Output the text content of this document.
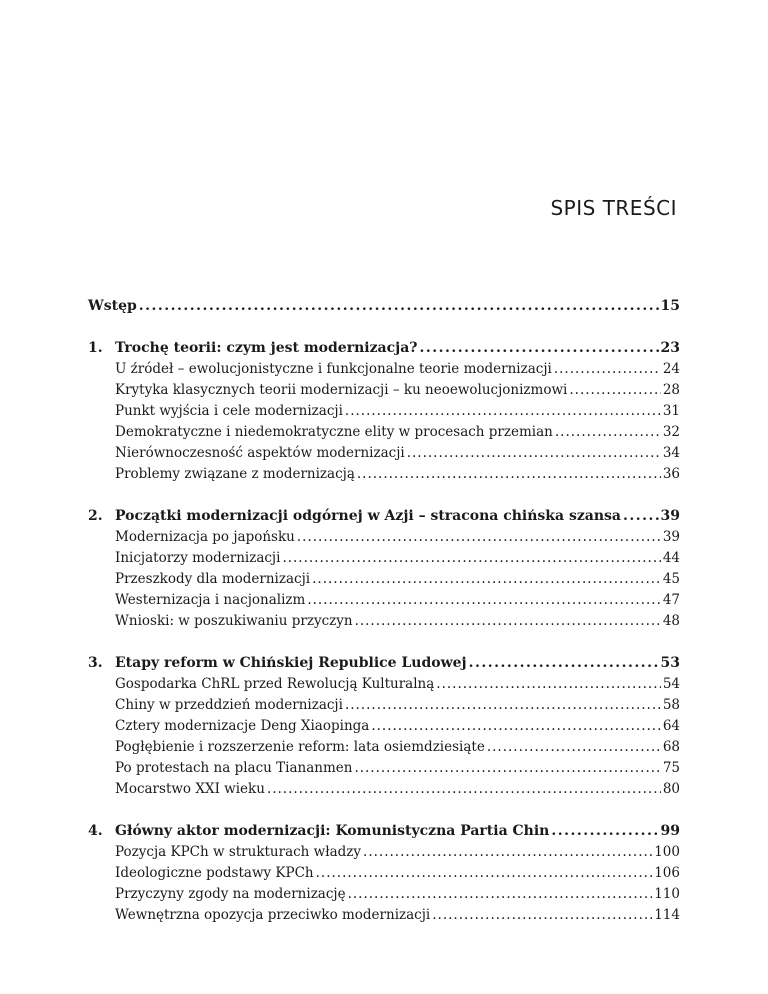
SPIS TREŚCI
Wstęp .....	15
1. Trochę teorii: czym jest modernizacja? .....	23
U źródeł – ewolucjonistyczne i funkcjonalne teorie modernizacji .....	24
Krytyka klasycznych teorii modernizacji – ku neoewolucjonizmowi .....	28
Punkt wyjścia i cele modernizacji .....	31
Demokratyczne i niedemokratyczne elity w procesach przemian .....	32
Nierównoczesność aspektów modernizacji .....	34
Problemy związane z modernizacją .....	36
2. Początki modernizacji odgórnej w Azji – stracona chińska szansa .....	39
Modernizacja po japońsku .....	39
Inicjatorzy modernizacji .....	44
Przeszkody dla modernizacji .....	45
Westernizacja i nacjonalizm .....	47
Wnioski: w poszukiwaniu przyczyn .....	48
3. Etapy reform w Chińskiej Republice Ludowej .....	53
Gospodarka ChRL przed Rewolucją Kulturalną .....	54
Chiny w przeddzień modernizacji .....	58
Cztery modernizacje Deng Xiaopinga .....	64
Pogłębienie i rozszerzenie reform: lata osiemdziesiąte .....	68
Po protestach na placu Tiananmen .....	75
Mocarstwo XXI wieku .....	80
4. Główny aktor modernizacji: Komunistyczna Partia Chin .....	99
Pozycja KPCh w strukturach władzy .....	100
Ideologiczne podstawy KPCh .....	106
Przyczyny zgody na modernizację .....	110
Wewnętrzna opozycja przeciwko modernizacji .....	114
